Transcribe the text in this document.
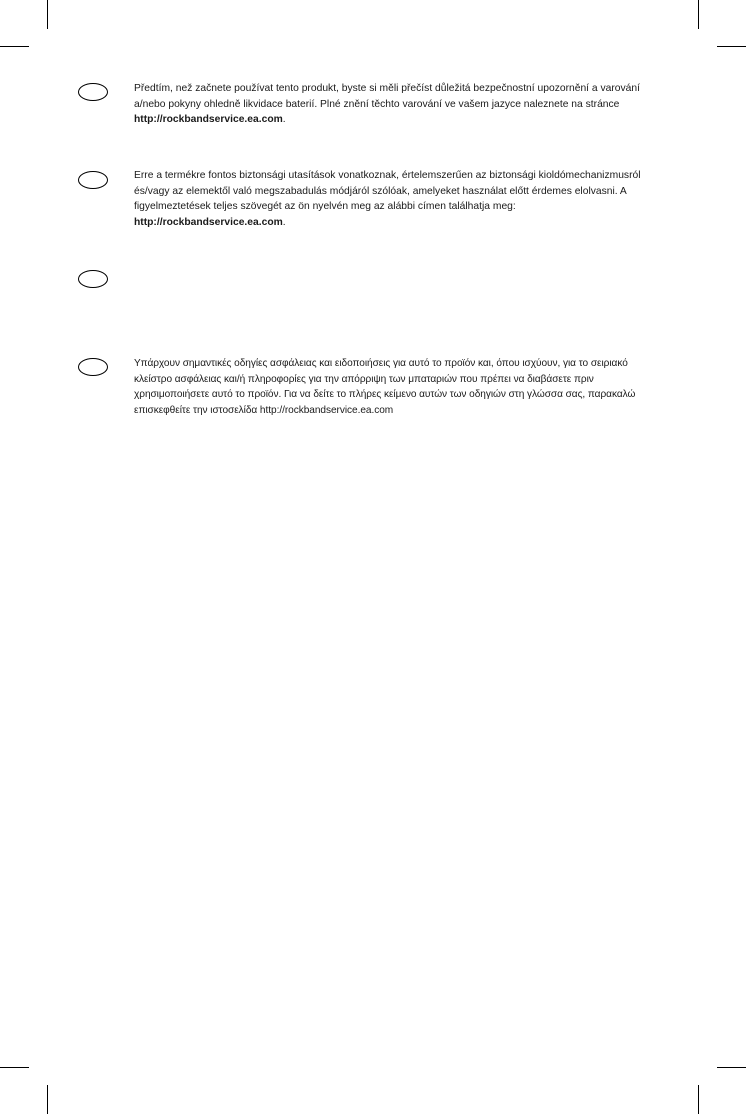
Předtím, než začnete používat tento produkt, byste si měli přečíst důležitá bezpečnostní upozornění a varování a/nebo pokyny ohledně likvidace baterií. Plné znění těchto varování ve vašem jazyce naleznete na stránce http://rockbandservice.ea.com.
Erre a termékre fontos biztonsági utasítások vonatkoznak, értelemszerűen az biztonsági kioldómechanizmusról és/vagy az elemektől való megszabadulás módjáról szólóak, amelyeket használat előtt érdemes elolvasni. A figyelmeztetések teljes szövegét az ön nyelvén meg az alábbi címen találhatja meg: http://rockbandservice.ea.com.
Υπάρχουν σημαντικές οδηγίες ασφάλειας και ειδοποιήσεις για αυτό το προϊόν και, όπου ισχύουν, για το σειριακό κλείστρο ασφάλειας και/ή πληροφορίες για την απόρριψη των μπαταριών που πρέπει να διαβάσετε πριν χρησιμοποιήσετε αυτό το προϊόν. Για να δείτε το πλήρες κείμενο αυτών των οδηγιών στη γλώσσα σας, παρακαλώ επισκεφθείτε την ιστοσελίδα http://rockbandservice.ea.com
